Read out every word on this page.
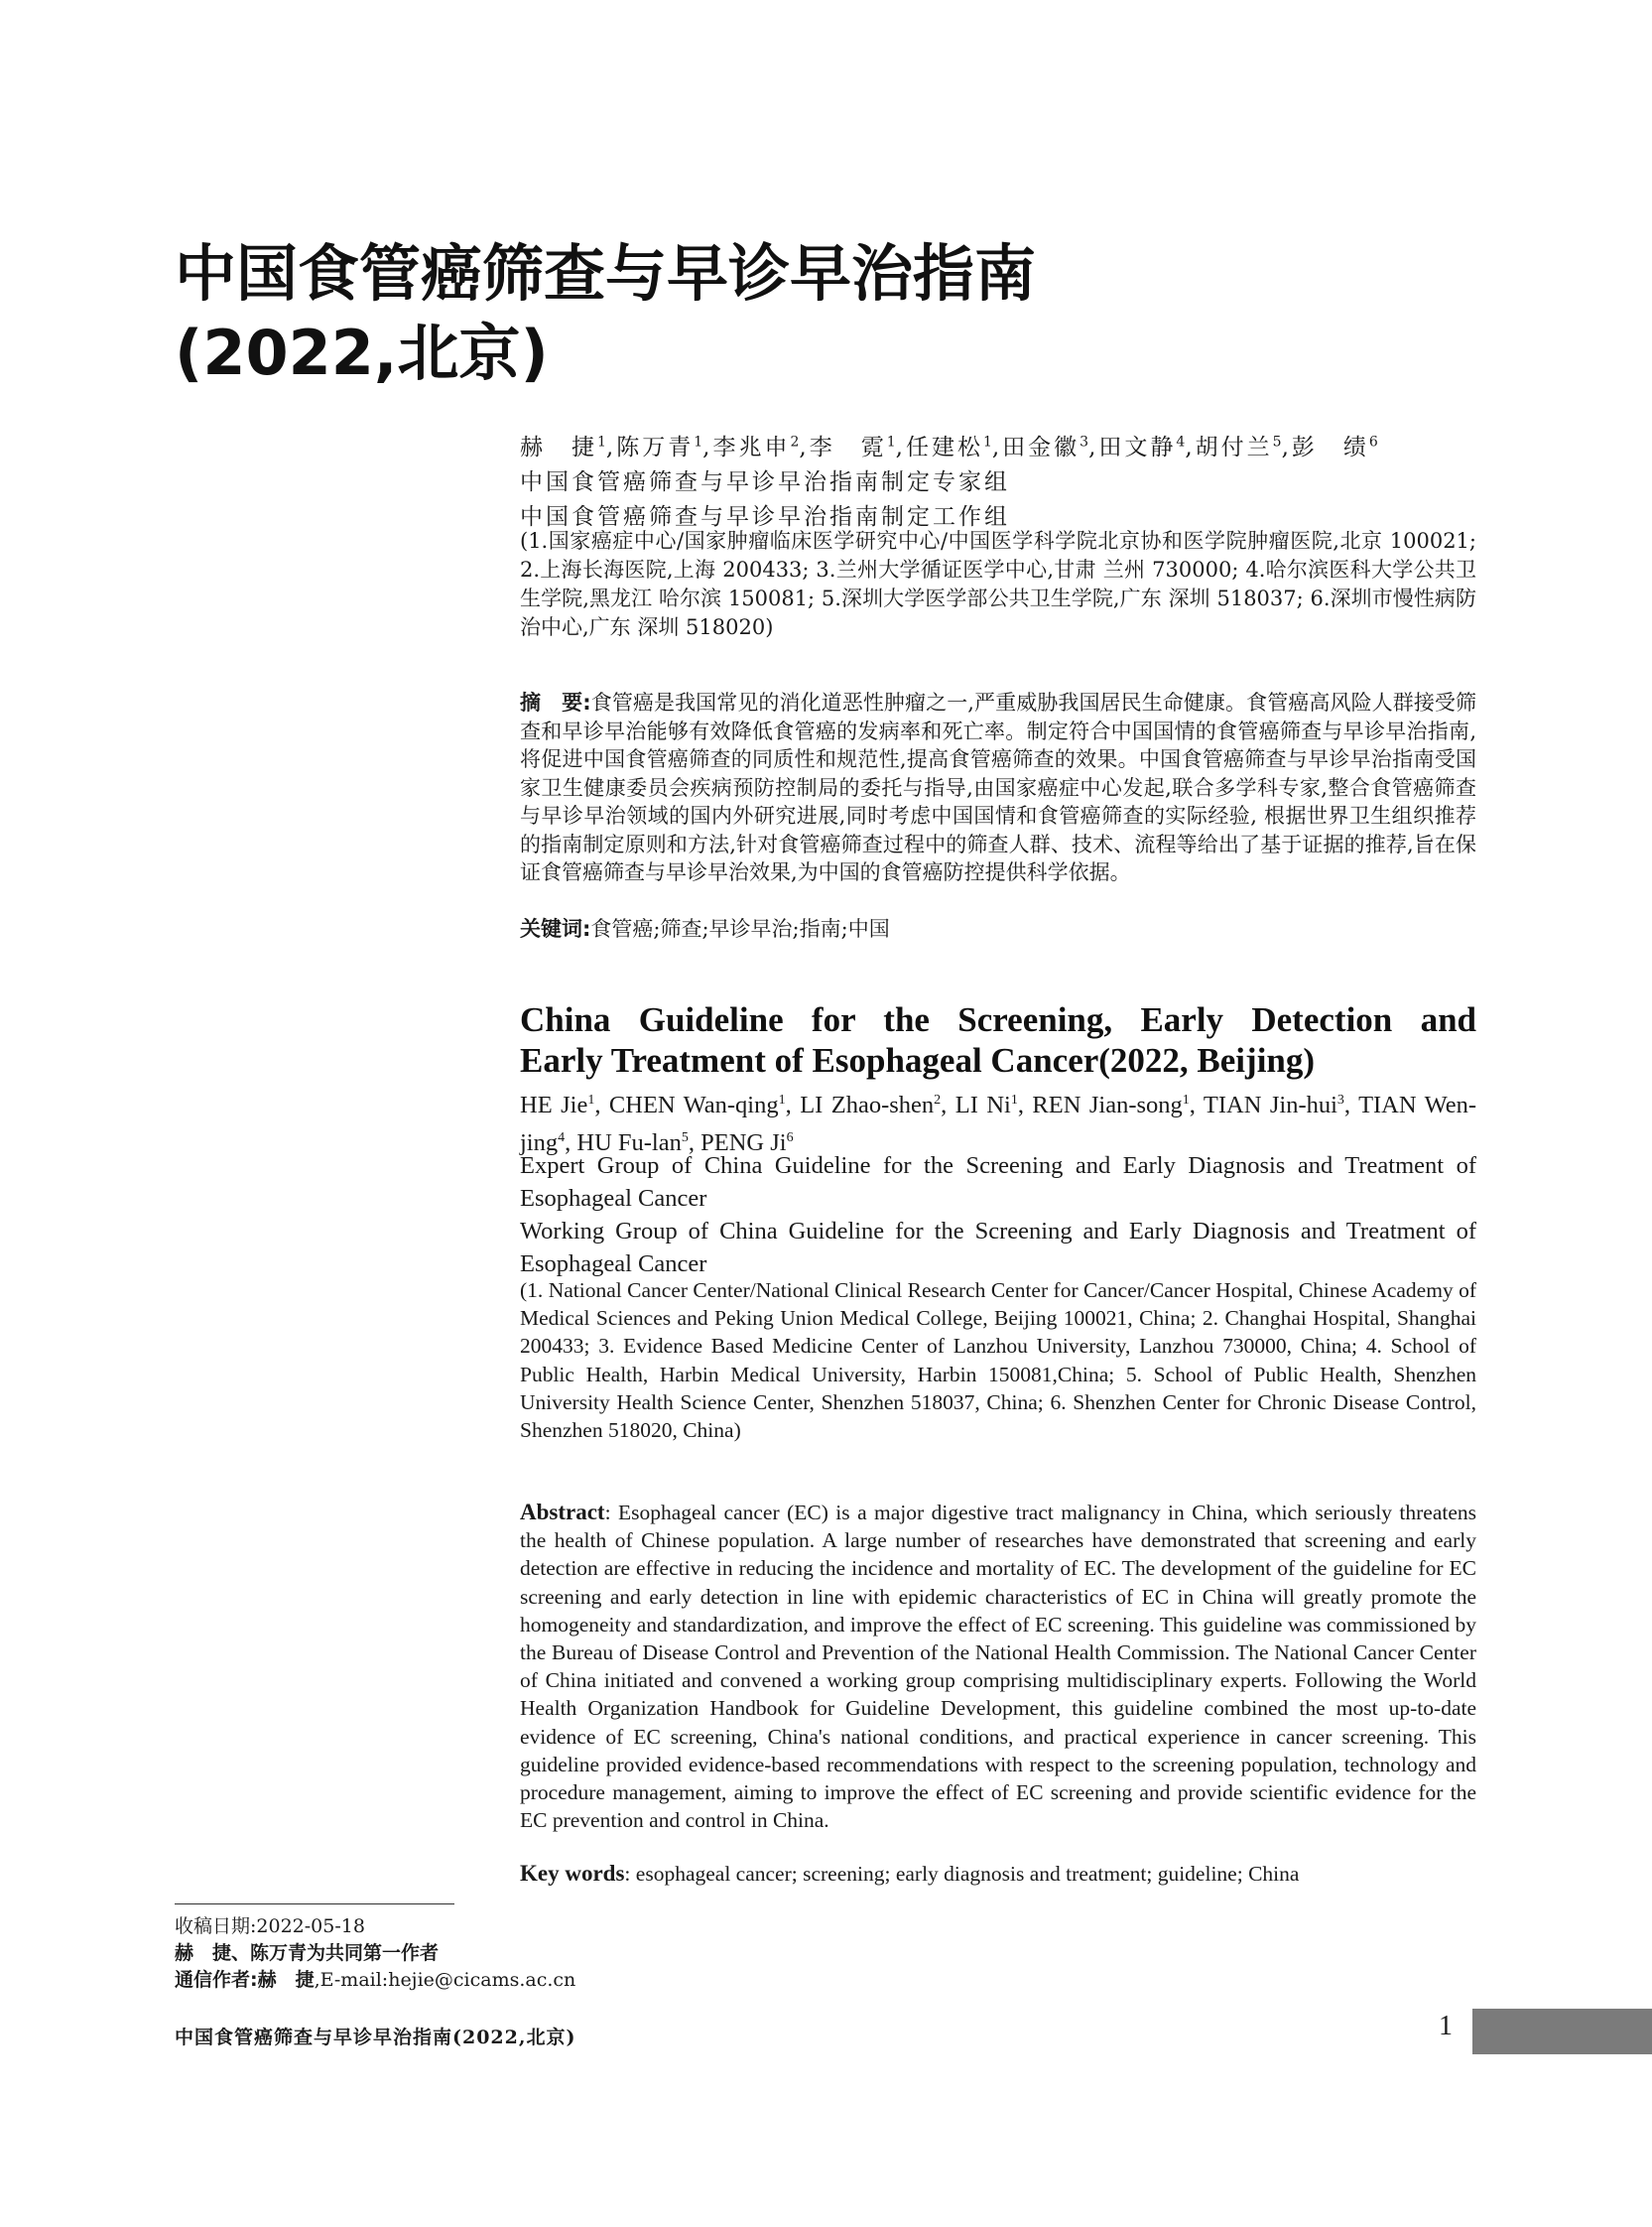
中国食管癌筛查与早诊早治指南
(2022,北京)
赫　捷$^1$,陈万青$^1$,李兆申$^2$,李　霓$^1$,任建松$^1$,田金徽$^3$,田文静$^4$,胡付兰$^5$,彭　绩$^6$
中国食管癌筛查与早诊早治指南制定专家组
中国食管癌筛查与早诊早治指南制定工作组
(1.国家癌症中心/国家肿瘤临床医学研究中心/中国医学科学院北京协和医学院肿瘤医院,北京 100021; 2.上海长海医院,上海 200433; 3.兰州大学循证医学中心,甘肃 兰州 730000; 4.哈尔滨医科大学公共卫生学院,黑龙江 哈尔滨 150081; 5.深圳大学医学部公共卫生学院,广东 深圳 518037; 6.深圳市慢性病防治中心,广东 深圳 518020)
摘　要:食管癌是我国常见的消化道恶性肿瘤之一,严重威胁我国居民生命健康。食管癌高风险人群接受筛查和早诊早治能够有效降低食管癌的发病率和死亡率。制定符合中国国情的食管癌筛查与早诊早治指南,将促进中国食管癌筛查的同质性和规范性,提高食管癌筛查的效果。中国食管癌筛查与早诊早治指南受国家卫生健康委员会疾病预防控制局的委托与指导,由国家癌症中心发起,联合多学科专家,整合食管癌筛查与早诊早治领域的国内外研究进展,同时考虑中国国情和食管癌筛查的实际经验, 根据世界卫生组织推荐的指南制定原则和方法,针对食管癌筛查过程中的筛查人群、技术、流程等给出了基于证据的推荐,旨在保证食管癌筛查与早诊早治效果,为中国的食管癌防控提供科学依据。
关键词:食管癌;筛查;早诊早治;指南;中国
China Guideline for the Screening, Early Detection and
Early Treatment of Esophageal Cancer(2022, Beijing)
HE Jie$^1$, CHEN Wan-qing$^1$, LI Zhao-shen$^2$, LI Ni$^1$, REN Jian-song$^1$, TIAN Jin-hui$^3$, TIAN Wen-jing$^4$, HU Fu-lan$^5$, PENG Ji$^6$
Expert Group of China Guideline for the Screening and Early Diagnosis and Treatment of Esophageal Cancer
Working Group of China Guideline for the Screening and Early Diagnosis and Treatment of Esophageal Cancer
(1. National Cancer Center/National Clinical Research Center for Cancer/Cancer Hospital, Chinese Academy of Medical Sciences and Peking Union Medical College, Beijing 100021, China; 2. Changhai Hospital, Shanghai 200433; 3. Evidence Based Medicine Center of Lanzhou University, Lanzhou 730000, China; 4. School of Public Health, Harbin Medical University, Harbin 150081,China; 5. School of Public Health, Shenzhen University Health Science Center, Shenzhen 518037, China; 6. Shenzhen Center for Chronic Disease Control, Shenzhen 518020, China)
Abstract: Esophageal cancer (EC) is a major digestive tract malignancy in China, which seriously threatens the health of Chinese population. A large number of researches have demonstrated that screening and early detection are effective in reducing the incidence and mortality of EC. The development of the guideline for EC screening and early detection in line with epidemic characteristics of EC in China will greatly promote the homogeneity and standardization, and improve the effect of EC screening. This guideline was commissioned by the Bureau of Disease Control and Prevention of the National Health Commission. The National Cancer Center of China initiated and convened a working group comprising multidisciplinary experts. Following the World Health Organization Handbook for Guideline Development, this guideline combined the most up-to-date evidence of EC screening, China's national conditions, and practical experience in cancer screening. This guideline provided evidence-based recommendations with respect to the screening population, technology and procedure management, aiming to improve the effect of EC screening and provide scientific evidence for the EC prevention and control in China.
Key words: esophageal cancer; screening; early diagnosis and treatment; guideline; China
收稿日期:2022-05-18
赫　捷、陈万青为共同第一作者
通信作者:赫　捷,E-mail:hejie@cicams.ac.cn
中国食管癌筛查与早诊早治指南(2022,北京)	1
